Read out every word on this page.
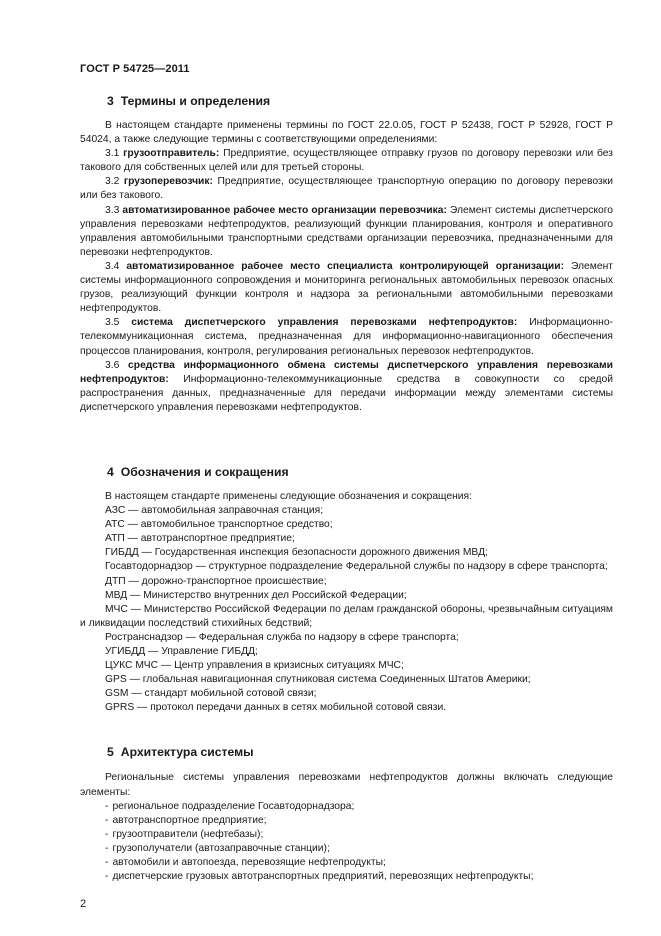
ГОСТ Р 54725—2011
3 Термины и определения

В настоящем стандарте применены термины по ГОСТ 22.0.05, ГОСТ Р 52438, ГОСТ Р 52928, ГОСТ Р 54024, а также следующие термины с соответствующими определениями:

3.1 грузоотправитель: Предприятие, осуществляющее отправку грузов по договору перевозки или без такового для собственных целей или для третьей стороны.

3.2 грузоперевозчик: Предприятие, осуществляющее транспортную операцию по договору перевозки или без такового.

3.3 автоматизированное рабочее место организации перевозчика: Элемент системы диспетчерского управления перевозками нефтепродуктов, реализующий функции планирования, контроля и оперативного управления автомобильными транспортными средствами организации перевозчика, предназначенными для перевозки нефтепродуктов.

3.4 автоматизированное рабочее место специалиста контролирующей организации: Элемент системы информационного сопровождения и мониторинга региональных автомобильных перевозок опасных грузов, реализующий функции контроля и надзора за региональными автомобильными перевозками нефтепродуктов.

3.5 система диспетчерского управления перевозками нефтепродуктов: Информационно-телекоммуникационная система, предназначенная для информационно-навигационного обеспечения процессов планирования, контроля, регулирования региональных перевозок нефтепродуктов.

3.6 средства информационного обмена системы диспетчерского управления перевозками нефтепродуктов: Информационно-телекоммуникационные средства в совокупности со средой распространения данных, предназначенные для передачи информации между элементами системы диспетчерского управления перевозками нефтепродуктов.

4 Обозначения и сокращения

В настоящем стандарте применены следующие обозначения и сокращения:

АЗС — автомобильная заправочная станция;

АТС — автомобильное транспортное средство;

АТП — автотранспортное предприятие;

ГИБДД — Государственная инспекция безопасности дорожного движения МВД;

Госавтодорнадзор — структурное подразделение Федеральной службы по надзору в сфере транспорта;

ДТП — дорожно-транспортное происшествие;

МВД — Министерство внутренних дел Российской Федерации;

МЧС — Министерство Российской Федерации по делам гражданской обороны, чрезвычайным ситуациям и ликвидации последствий стихийных бедствий;

Ространснадзор — Федеральная служба по надзору в сфере транспорта;

УГИБДД — Управление ГИБДД;

ЦУКС МЧС — Центр управления в кризисных ситуациях МЧС;

GPS — глобальная навигационная спутниковая система Соединенных Штатов Америки;

GSM — стандарт мобильной сотовой связи;

GPRS — протокол передачи данных в сетях мобильной сотовой связи.

5 Архитектура системы

Региональные системы управления перевозками нефтепродуктов должны включать следующие элементы:

- региональное подразделение Госавтодорнадзора;

- автотранспортное предприятие;

- грузоотправители (нефтебазы);

- грузополучатели (автозаправочные станции);

- автомобили и автопоезда, перевозящие нефтепродукты;

- диспетчерские грузовых автотранспортных предприятий, перевозящих нефтепродукты;

2
